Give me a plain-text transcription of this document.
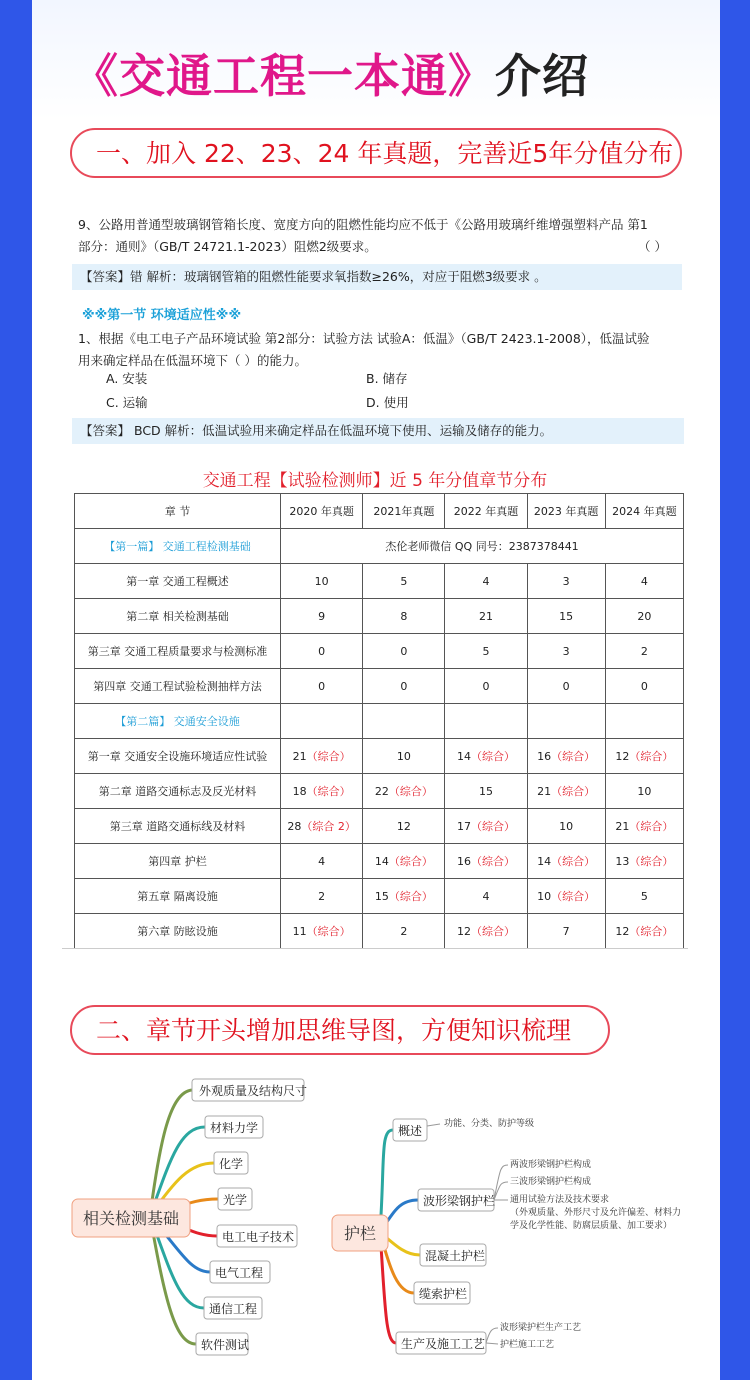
《交通工程一本通》介绍
一、加入 22、23、24 年真题，完善近5年分值分布
9、公路用普通型玻璃钢管箱长度、宽度方向的阻燃性能均应不低于《公路用玻璃纤维增强塑料产品 第1
部分：通则》（GB/T 24721.1-2023）阻燃2级要求。	（ ）
【答案】错 解析：玻璃钢管箱的阻燃性能要求氧指数≥26%，对应于阻燃3级要求 。
※※第一节 环境适应性※※
1、根据《电工电子产品环境试验 第2部分：试验方法 试验A：低温》（GB/T 2423.1-2008），低温试验
用来确定样品在低温环境下（ ）的能力。
A. 安装	B. 储存
C. 运输	D. 使用
【答案】 BCD 解析：低温试验用来确定样品在低温环境下使用、运输及储存的能力。
交通工程【试验检测师】近 5 年分值章节分布
章 节	2020 年真题	2021年真题	2022 年真题	2023 年真题	2024 年真题
【第一篇】 交通工程检测基础	杰伦老师微信 QQ 同号：2387378441				
第一章 交通工程概述	10	5	4	3	4
第二章 相关检测基础	9	8	21	15	20
第三章 交通工程质量要求与检测标准	0	0	5	3	2
第四章 交通工程试验检测抽样方法	0	0	0	0	0
【第二篇】 交通安全设施					
第一章 交通安全设施环境适应性试验	21（综合）	10	14（综合）	16（综合）	12（综合）
第二章 道路交通标志及反光材料	18（综合）	22（综合）	15	21（综合）	10
第三章 道路交通标线及材料	28（综合 2）	12	17（综合）	10	21（综合）
第四章 护栏	4	14（综合）	16（综合）	14（综合）	13（综合）
第五章 隔离设施	2	15（综合）	4	10（综合）	5
第六章 防眩设施	11（综合）	2	12（综合）	7	12（综合）
二、章节开头增加思维导图，方便知识梳理
相关检测基础
外观质量及结构尺寸
材料力学
化学
光学
电工电子技术
电气工程
通信工程
软件测试
护栏
概述
波形梁钢护栏
混凝土护栏
缆索护栏
生产及施工工艺
功能、分类、防护等级
两波形梁钢护栏构成
三波形梁钢护栏构成
通用试验方法及技术要求
（外观质量、外形尺寸及允许偏差、材料力
学及化学性能、防腐层质量、加工要求）
波形梁护栏生产工艺
护栏施工工艺
